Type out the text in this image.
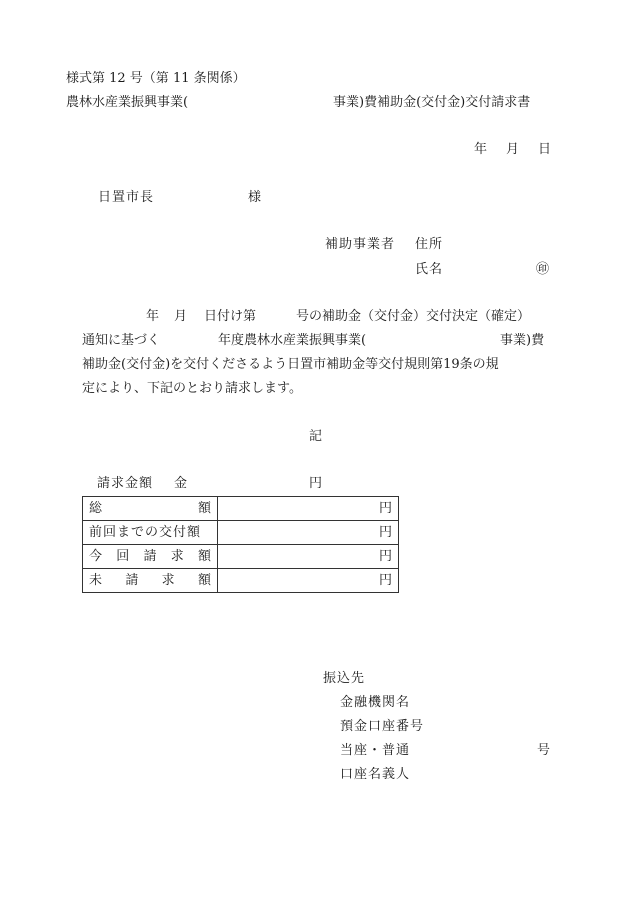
様式第 12 号（第 11 条関係）
農林水産業振興事業(	事業)費補助金(交付金)交付請求書
年 月 日
日置市長	様
補助事業者 住所
氏名	㊞
年 月 日付け第	号の補助金（交付金）交付決定（確定）
通知に基づく	年度農林水産業振興事業(	事業)費
補助金(交付金)を交付くださるよう日置市補助金等交付規則第19条の規
定により、下記のとおり請求します。
記
請求金額 金	円
総 額	円
前回までの交付額	円

今 回 請 求 額	円

未 請 求 額	円
振込先
金融機関名
預金口座番号
当座・普通	号
口座名義人
